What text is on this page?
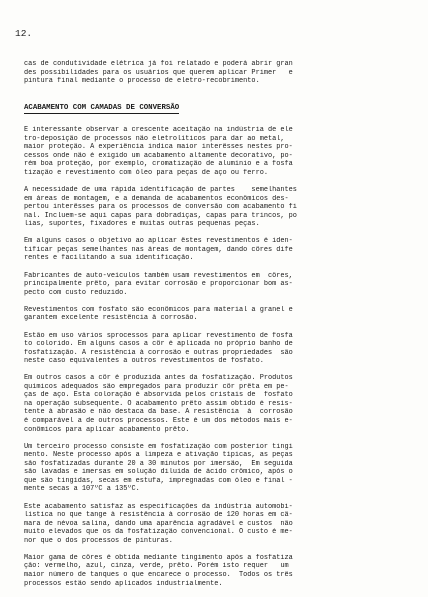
12.
cas de condutividade elétrica já foi relatado e poderá abrir gran
des possibilidades para os usuários que querem aplicar Primer   e
pintura final mediante o processo de eletro-recobrimento.
ACABAMENTO COM CAMADAS DE CONVERSÃO
É interessante observar a crescente aceitação na indústria de ele
tro-deposição de processos não eletrolíticos para dar ao metal,
maior proteção. A experiência indica maior interêsses nestes pro-
cessos onde não é exigido um acabamento altamente decorativo, po-
rém boa proteção, por exemplo, cromatização de alumínio e a fosfa
tização e revestimento com óleo para peças de aço ou ferro.
A necessidade de uma rápida identificação de partes    semelhantes
em áreas de montagem, e a demanda de acabamentos econômicos des-
pertou interêsses para os processos de conversão com acabamento fi
nal. Incluem-se aqui capas para dobradiças, capas para trincos, po
lias, suportes, fixadores e muitas outras pequenas peças.
Em alguns casos o objetivo ao aplicar êstes revestimentos é iden-
tificar peças semelhantes nas áreas de montagem, dando côres dife
rentes e facilitando a sua identificação.
Fabricantes de auto-veículos também usam revestimentos em  côres,
principalmente prêto, para evitar corrosão e proporcionar bom as-
pecto com custo reduzido.
Revestimentos com fosfato são econômicos para material a granel e
garantem excelente resistência à corrosão.
Estão em uso vários sprocessos para aplicar revestimento de fosfa
to colorido. Em alguns casos a côr é aplicada no próprio banho de
fosfatização. A resistência à corrosão e outras propriedades  são
neste caso equivalentes a outros revestimentos de fosfato.
Em outros casos a côr é produzida antes da fosfatização. Produtos
químicos adequados são empregados para produzir côr prêta em pe-
ças de aço. Esta coloração é absorvida pelos cristais de  fosfato
na operação subsequente. O acabamento prêto assim obtido é resis-
tente à abrasão e não destaca da base. A resistência  à  corrosão
é comparável a de outros processos. Êste é um dos métodos mais e-
conômicos para aplicar acabamento prêto.
Um terceiro processo consiste em fosfatização com posterior tingi
mento. Neste processo após a limpeza e ativação típicas, as peças
são fosfatizadas durante 20 a 30 minutos por imersão,  Em seguida
são lavadas e imersas em solução diluída de ácido crômico, após o
que são tingidas, secas em estufa, impregnadas com óleo e final -
mente secas a 107ºC a 135ºC.
Êste acabamento satisfaz as especificações da indústria automobi-
lística no que tange à resistência à corrosão de 120 horas em câ-
mara de névoa salina, dando uma aparência agradável e custos  não
muito elevados que os da fosfatização convencional. O custo é me-
nor que o dos processos de pinturas.
Maior gama de côres é obtida mediante tingimento após a fosfatiza
ção: vermelho, azul, cinza, verde, prêto. Porém isto requer   um
maior número de tanques o que encarece o processo.  Todos os três
processos estão sendo aplicados industrialmente.
